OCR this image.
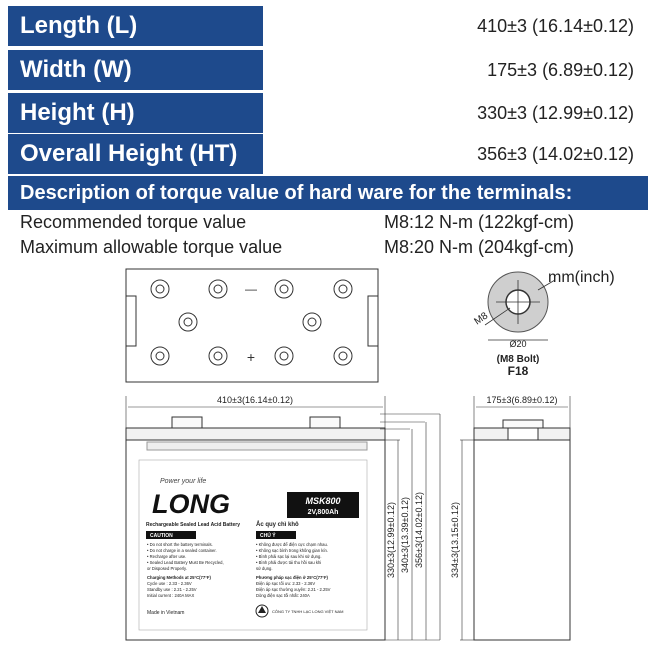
Length (L)	410±3 (16.14±0.12)
Width (W)	175±3 (6.89±0.12)
Height (H)	330±3 (12.99±0.12)
Overall Height (HT)	356±3 (14.02±0.12)
Description of torque value of hard ware for the terminals:
Recommended torque value	M8:12 N-m (122kgf-cm)
Maximum allowable torque value	M8:20 N-m (204kgf-cm)
—
+
mm(inch)
M8
Ø20
(M8 Bolt)
F18
410±3(16.14±0.12)
330±3(12.99±0.12) 340±3(13.39±0.12) 356±3(14.02±0.12)
Power your life
LONG	MSK800
2V,800Ah
Rechargeable Sealed Lead Acid Battery	Ắc quy chì khô
CAUTION	CHÚ Ý
• Do not short the battery terminals. • Do not charge in a sealed container. • Recharge after use. • Sealed Lead Battery Must Be Recycled, or Disposed Properly.
• Không được để điện cực chạm nhau. • Không sạc bình trong không gian kín. • Bình phải sạc lại sau khi sử dụng. • Bình phải được tái thu hồi sau khi sử dụng.
Charging Methods at 25°C(77°F) Cycle use : 2.33 - 2.36V Standby use : 2.21 - 2.25V Initial current : 240A MAX
Phương pháp sạc điện ở 25°C(77°F) Điện áp sạc tối ưu: 2.33 - 2.36V Điện áp sạc thường xuyên: 2.21 - 2.25V Dòng điện sạc tối nhất: 240A
Made in Vietnam	CÔNG TY TNHH LẠC LONG VIỆT NAM
175±3(6.89±0.12)
334±3(13.15±0.12)
